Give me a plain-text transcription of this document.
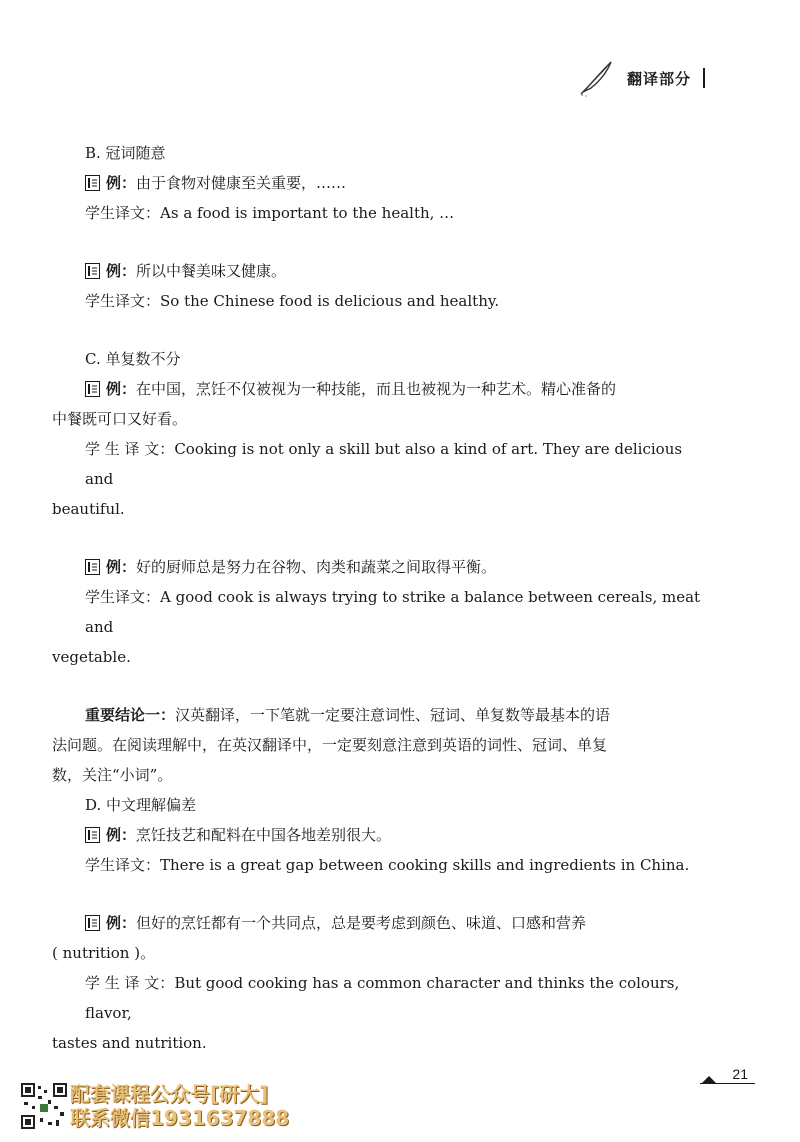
翻译部分

B. 冠词随意

例：由于食物对健康至关重要，……

学生译文：As a food is important to the health, …

例：所以中餐美味又健康。

学生译文：So the Chinese food is delicious and healthy.

C. 单复数不分

例：在中国，烹饪不仅被视为一种技能，而且也被视为一种艺术。精心准备的

中餐既可口又好看。

学 生 译 文：Cooking is not only a skill but also a kind of art. They are delicious and

beautiful.

例：好的厨师总是努力在谷物、肉类和蔬菜之间取得平衡。

学生译文：A good cook is always trying to strike a balance between cereals, meat and

vegetable.

重要结论一：汉英翻译，一下笔就一定要注意词性、冠词、单复数等最基本的语

法问题。在阅读理解中，在英汉翻译中，一定要刻意注意到英语的词性、冠词、单复

数，关注“小词”。

D. 中文理解偏差

例：烹饪技艺和配料在中国各地差别很大。

学生译文：There is a great gap between cooking skills and ingredients in China.

例：但好的烹饪都有一个共同点，总是要考虑到颜色、味道、口感和营养

( nutrition )。

学 生 译 文：But good cooking has a common character and thinks the colours, flavor,

tastes and nutrition.

21
配套课程公众号[研大]
联系微信1931637888
